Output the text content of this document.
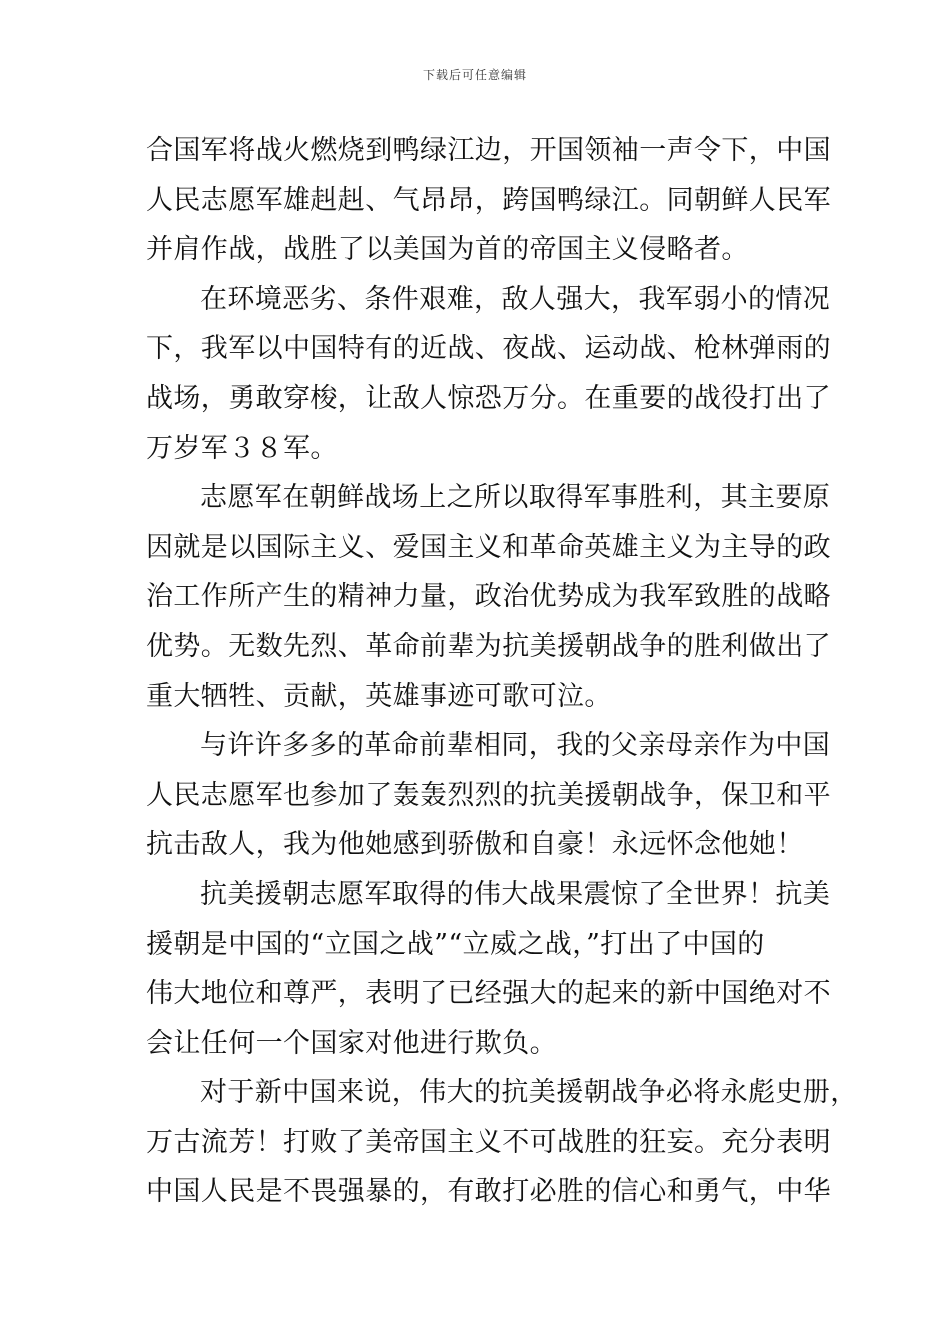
下载后可任意编辑
合国军将战火燃烧到鸭绿江边，开国领袖一声令下，中国
人民志愿军雄赳赳、气昂昂，跨国鸭绿江。同朝鲜人民军
并肩作战，战胜了以美国为首的帝国主义侵略者。
在环境恶劣、条件艰难，敌人强大，我军弱小的情况
下，我军以中国特有的近战、夜战、运动战、枪林弹雨的
战场，勇敢穿梭，让敌人惊恐万分。在重要的战役打出了
万岁军３８军。
志愿军在朝鲜战场上之所以取得军事胜利，其主要原
因就是以国际主义、爱国主义和革命英雄主义为主导的政
治工作所产生的精神力量，政治优势成为我军致胜的战略
优势。无数先烈、革命前辈为抗美援朝战争的胜利做出了
重大牺牲、贡献，英雄事迹可歌可泣。
与许许多多的革命前辈相同，我的父亲母亲作为中国
人民志愿军也参加了轰轰烈烈的抗美援朝战争，保卫和平
抗击敌人，我为他她感到骄傲和自豪！永远怀念他她！
抗美援朝志愿军取得的伟大战果震惊了全世界！抗美
援朝是中国的“立国之战”“立威之战，”打出了中国的
伟大地位和尊严，表明了已经强大的起来的新中国绝对不
会让任何一个国家对他进行欺负。
对于新中国来说，伟大的抗美援朝战争必将永彪史册，
万古流芳！打败了美帝国主义不可战胜的狂妄。充分表明
中国人民是不畏强暴的，有敢打必胜的信心和勇气，中华
